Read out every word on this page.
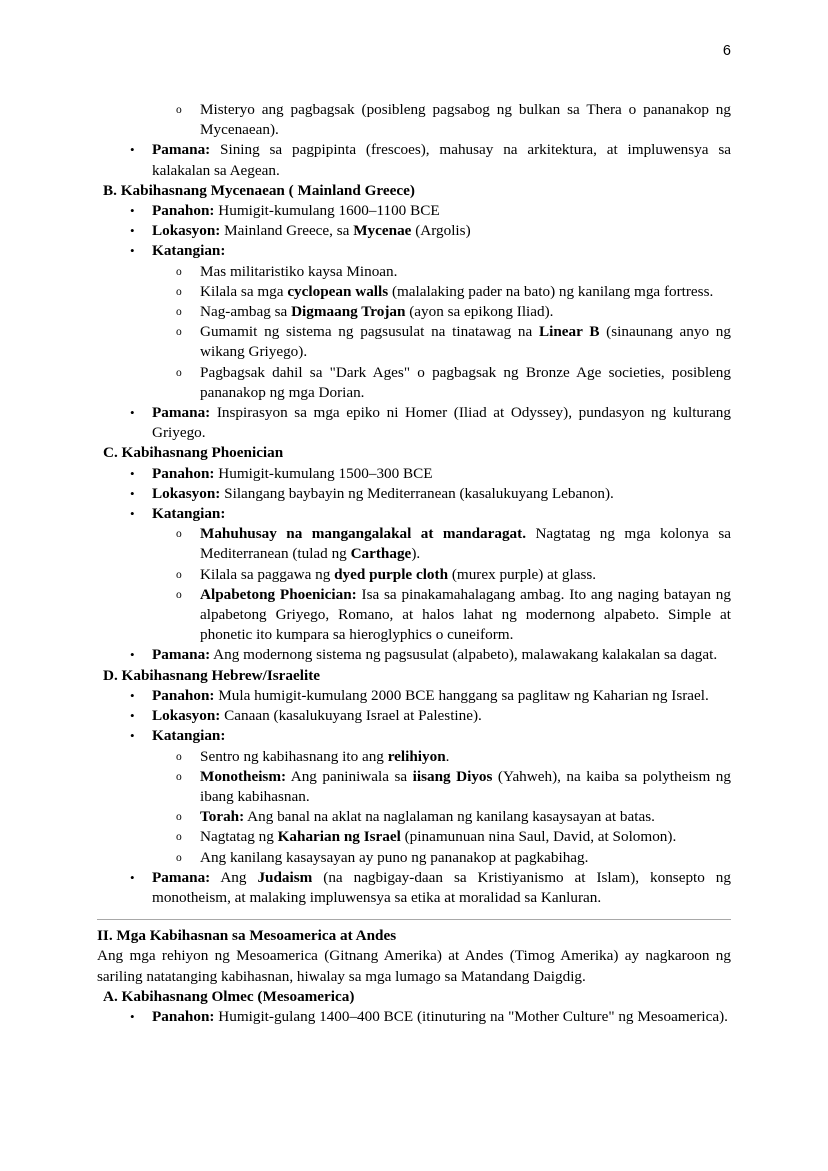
6
o Misteryo ang pagbagsak (posibleng pagsabog ng bulkan sa Thera o pananakop ng Mycenaean).
• Pamana: Sining sa pagpipinta (frescoes), mahusay na arkitektura, at impluwensya sa kalakalan sa Aegean.
B. Kabihasnang Mycenaean ( Mainland Greece)
• Panahon: Humigit-kumulang 1600–1100 BCE
• Lokasyon: Mainland Greece, sa Mycenae (Argolis)
• Katangian:
o Mas militaristiko kaysa Minoan.
o Kilala sa mga cyclopean walls (malalaking pader na bato) ng kanilang mga fortress.
o Nag-ambag sa Digmaang Trojan (ayon sa epikong Iliad).
o Gumamit ng sistema ng pagsusulat na tinatawag na Linear B (sinaunang anyo ng wikang Griyego).
o Pagbagsak dahil sa "Dark Ages" o pagbagsak ng Bronze Age societies, posibleng pananakop ng mga Dorian.
• Pamana: Inspirasyon sa mga epiko ni Homer (Iliad at Odyssey), pundasyon ng kulturang Griyego.
C. Kabihasnang Phoenician
• Panahon: Humigit-kumulang 1500–300 BCE
• Lokasyon: Silangang baybayin ng Mediterranean (kasalukuyang Lebanon).
• Katangian:
o Mahuhusay na mangangalakal at mandaragat. Nagtatag ng mga kolonya sa Mediterranean (tulad ng Carthage).
o Kilala sa paggawa ng dyed purple cloth (murex purple) at glass.
o Alpabetong Phoenician: Isa sa pinakamahalagang ambag. Ito ang naging batayan ng alpabetong Griyego, Romano, at halos lahat ng modernong alpabeto. Simple at phonetic ito kumpara sa hieroglyphics o cuneiform.
• Pamana: Ang modernong sistema ng pagsusulat (alpabeto), malawakang kalakalan sa dagat.
D. Kabihasnang Hebrew/Israelite
• Panahon: Mula humigit-kumulang 2000 BCE hanggang sa paglitaw ng Kaharian ng Israel.
• Lokasyon: Canaan (kasalukuyang Israel at Palestine).
• Katangian:
o Sentro ng kabihasnang ito ang relihiyon.
o Monotheism: Ang paniniwala sa iisang Diyos (Yahweh), na kaiba sa polytheism ng ibang kabihasnan.
o Torah: Ang banal na aklat na naglalaman ng kanilang kasaysayan at batas.
o Nagtatag ng Kaharian ng Israel (pinamunuan nina Saul, David, at Solomon).
o Ang kanilang kasaysayan ay puno ng pananakop at pagkabihag.
• Pamana: Ang Judaism (na nagbigay-daan sa Kristiyanismo at Islam), konsepto ng monotheism, at malaking impluwensya sa etika at moralidad sa Kanluran.
II. Mga Kabihasnan sa Mesoamerica at Andes
Ang mga rehiyon ng Mesoamerica (Gitnang Amerika) at Andes (Timog Amerika) ay nagkaroon ng sariling natatanging kabihasnan, hiwalay sa mga lumago sa Matandang Daigdig.
A. Kabihasnang Olmec (Mesoamerica)
• Panahon: Humigit-gulang 1400–400 BCE (itinuturing na "Mother Culture" ng Mesoamerica).
